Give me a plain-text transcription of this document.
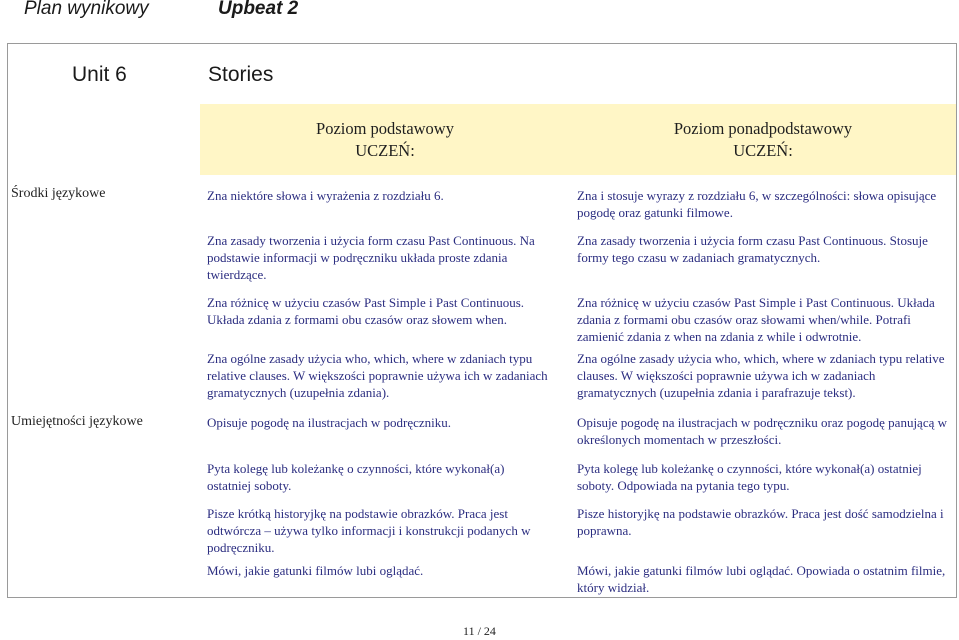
Plan wynikowy	Upbeat 2
Unit 6	Stories
Poziom podstawowy
UCZEŃ:
Poziom ponadpodstawowy
UCZEŃ:
Środki językowe
Umiejętności językowe
Zna niektóre słowa i wyrażenia z rozdziału 6.
Zna zasady tworzenia i użycia form czasu Past Continuous. Na podstawie informacji w podręczniku układa proste zdania twierdzące.
Zna różnicę w użyciu czasów Past Simple i Past Continuous. Układa zdania z formami obu czasów oraz słowem when.
Zna ogólne zasady użycia who, which, where w zdaniach typu relative clauses. W większości poprawnie używa ich w zadaniach gramatycznych (uzupełnia zdania).
Opisuje pogodę na ilustracjach w podręczniku.
Pyta kolegę lub koleżankę o czynności, które wykonał(a) ostatniej soboty.
Pisze krótką historyjkę na podstawie obrazków. Praca jest odtwórcza – używa tylko informacji i konstrukcji podanych w podręczniku.
Mówi, jakie gatunki filmów lubi oglądać.
Zna i stosuje wyrazy z rozdziału 6, w szczególności: słowa opisujące pogodę oraz gatunki filmowe.
Zna zasady tworzenia i użycia form czasu Past Continuous. Stosuje formy tego czasu w zadaniach gramatycznych.
Zna różnicę w użyciu czasów Past Simple i Past Continuous. Układa zdania z formami obu czasów oraz słowami when/while. Potrafi zamienić zdania z when na zdania z while i odwrotnie.
Zna ogólne zasady użycia who, which, where w zdaniach typu relative clauses. W większości poprawnie używa ich w zadaniach gramatycznych (uzupełnia zdania i parafrazuje tekst).
Opisuje pogodę na ilustracjach w podręczniku oraz pogodę panującą w określonych momentach w przeszłości.
Pyta kolegę lub koleżankę o czynności, które wykonał(a) ostatniej soboty. Odpowiada na pytania tego typu.
Pisze historyjkę na podstawie obrazków. Praca jest dość samodzielna i poprawna.
Mówi, jakie gatunki filmów lubi oglądać. Opowiada o ostatnim filmie, który widział.
11 / 24
